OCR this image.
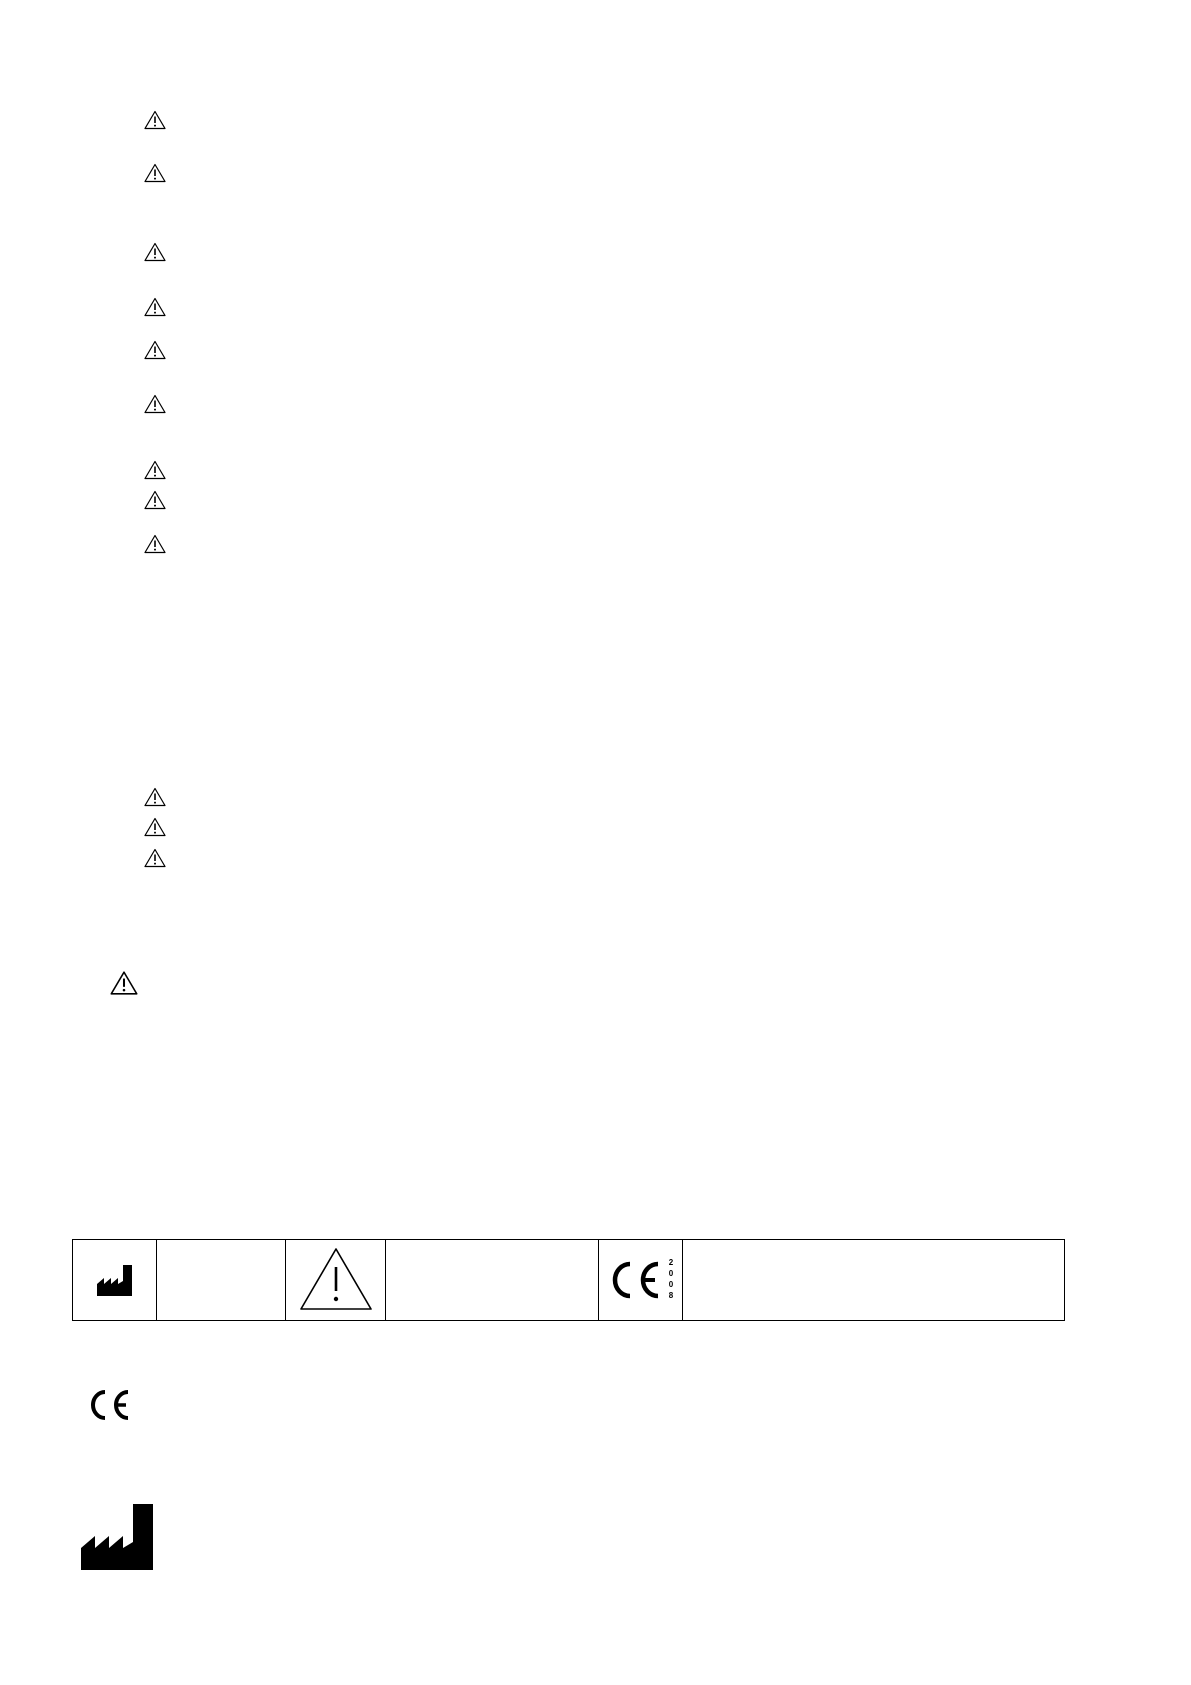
2
0
0
8
